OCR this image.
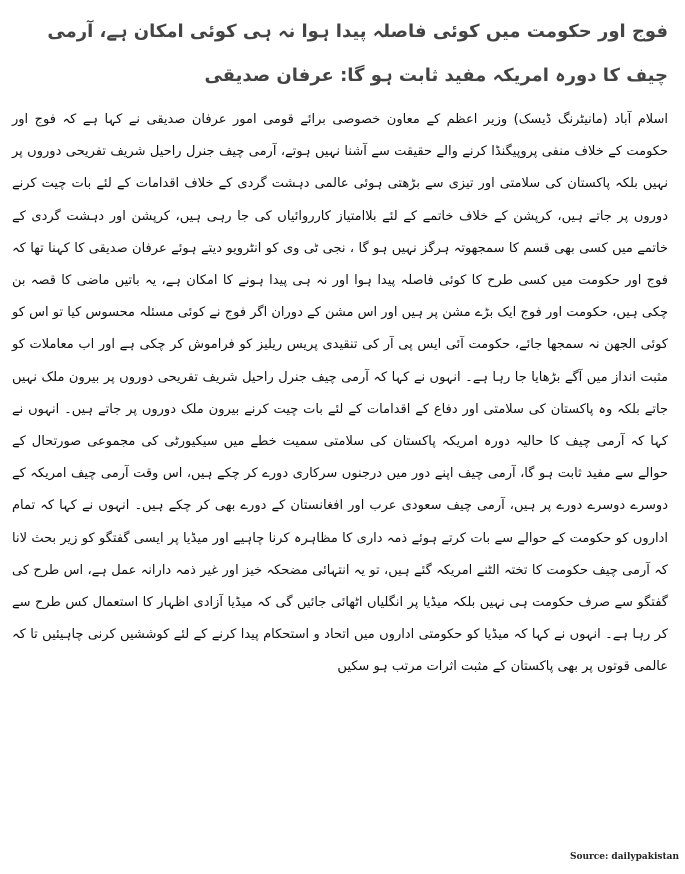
فوج اور حکومت میں کوئی فاصلہ پیدا ہوا نہ ہی کوئی امکان ہے، آرمی چیف کا دورہ امریکہ مفید ثابت ہو گا: عرفان صدیقی

اسلام آباد (مانیٹرنگ ڈیسک) وزیر اعظم کے معاون خصوصی برائے قومی امور عرفان صدیقی نے کہا ہے کہ فوج اور حکومت کے خلاف منفی پروپیگنڈا کرنے والے حقیقت سے آشنا نہیں ہوتے، آرمی چیف جنرل راحیل شریف تفریحی دوروں پر نہیں بلکہ پاکستان کی سلامتی اور تیزی سے بڑھتی ہوئی عالمی دہشت گردی کے خلاف اقدامات کے لئے بات چیت کرنے دوروں پر جاتے ہیں، کرپشن کے خلاف خاتمے کے لئے بلاامتیاز کارروائیاں کی جا رہی ہیں، کرپشن اور دہشت گردی کے خاتمے میں کسی بھی قسم کا سمجھوتہ ہرگز نہیں ہو گا ، نجی ٹی وی کو انٹرویو دیتے ہوئے عرفان صدیقی کا کہنا تھا کہ فوج اور حکومت میں کسی طرح کا کوئی فاصلہ پیدا ہوا اور نہ ہی پیدا ہونے کا امکان ہے، یہ باتیں ماضی کا قصہ بن چکی ہیں، حکومت اور فوج ایک بڑے مشن پر ہیں اور اس مشن کے دوران اگر فوج نے کوئی مسئلہ محسوس کیا تو اس کو کوئی الجھن نہ سمجھا جائے، حکومت آئی ایس پی آر کی تنقیدی پریس ریلیز کو فراموش کر چکی ہے اور اب معاملات کو مثبت انداز میں آگے بڑھایا جا رہا ہے۔ انہوں نے کہا کہ آرمی چیف جنرل راحیل شریف تفریحی دوروں پر بیرون ملک نہیں جاتے بلکہ وہ پاکستان کی سلامتی اور دفاع کے اقدامات کے لئے بات چیت کرنے بیرون ملک دوروں پر جاتے ہیں۔ انہوں نے کہا کہ آرمی چیف کا حالیہ دورہ امریکہ پاکستان کی سلامتی سمیت خطے میں سیکیورٹی کی مجموعی صورتحال کے حوالے سے مفید ثابت ہو گا، آرمی چیف اپنے دور میں درجنوں سرکاری دورے کر چکے ہیں، اس وقت آرمی چیف امریکہ کے دوسرے دوسرے دورے پر ہیں، آرمی چیف سعودی عرب اور افغانستان کے دورے بھی کر چکے ہیں۔ انہوں نے کہا کہ تمام اداروں کو حکومت کے حوالے سے بات کرتے ہوئے ذمہ داری کا مظاہرہ کرنا چاہیے اور میڈیا پر ایسی گفتگو کو زیر بحث لانا کہ آرمی چیف حکومت کا تختہ الٹنے امریکہ گئے ہیں، تو یہ انتہائی مضحکہ خیز اور غیر ذمہ دارانہ عمل ہے، اس طرح کی گفتگو سے صرف حکومت ہی نہیں بلکہ میڈیا پر انگلیاں اٹھائی جائیں گی کہ میڈیا آزادی اظہار کا استعمال کس طرح سے کر رہا ہے۔ انہوں نے کہا کہ میڈیا کو حکومتی اداروں میں اتحاد و استحکام پیدا کرنے کے لئے کوششیں کرنی چاہیئیں تا کہ عالمی قوتوں پر بھی پاکستان کے مثبت اثرات مرتب ہو سکیں

Source: dailypakistan
